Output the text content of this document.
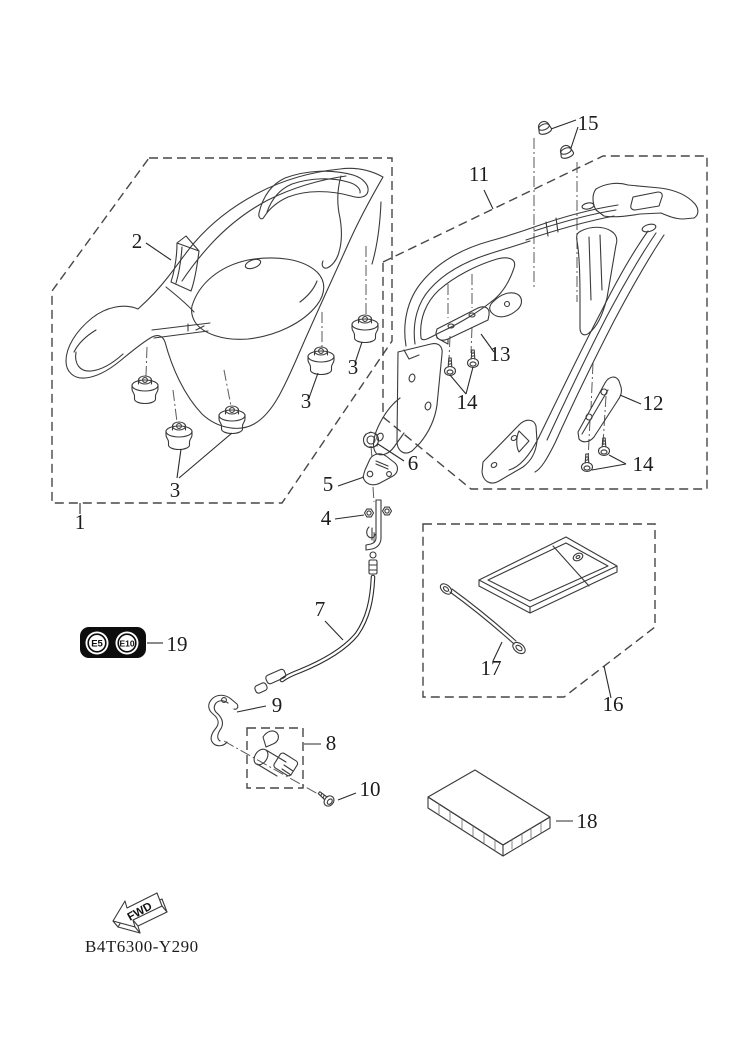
E5 E10
FWD
1
2
3
3
3
4
5
6
7
8
9
10
11
12
13
14
14
15
16
17
18
19
B4T6300-Y290
